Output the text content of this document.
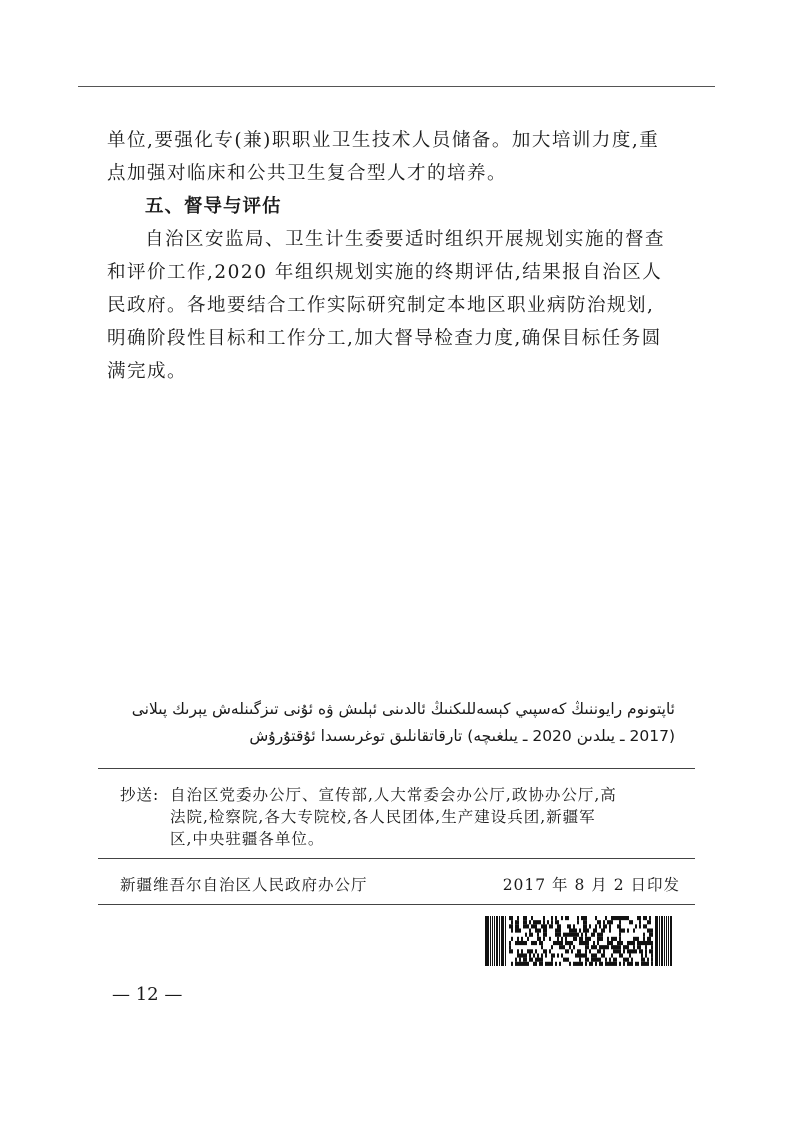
单位,要强化专(兼)职职业卫生技术人员储备。加大培训力度,重
点加强对临床和公共卫生复合型人才的培养。

五、督导与评估

自治区安监局、卫生计生委要适时组织开展规划实施的督查
和评价工作,2020 年组织规划实施的终期评估,结果报自治区人
民政府。各地要结合工作实际研究制定本地区职业病防治规划,
明确阶段性目标和工作分工,加大督导检查力度,确保目标任务圆
满完成。

ئاپتونوم رايوننىڭ كەسپىي كېسەللىكنىڭ ئالدىنى ئېلىش ۋە ئۇنى تىزگىنلەش يېرىك پىلانى
(2017 ـ يىلدىن 2020 ـ يىلغىچە) تارقاتقانلىق توغرىسىدا ئۇقتۇرۇش
抄送: 自治区党委办公厅、宣传部,人大常委会办公厅,政协办公厅,高
法院,检察院,各大专院校,各人民团体,生产建设兵团,新疆军
区,中央驻疆各单位。
新疆维吾尔自治区人民政府办公厅	2017 年 8 月 2 日印发
— 12 —
